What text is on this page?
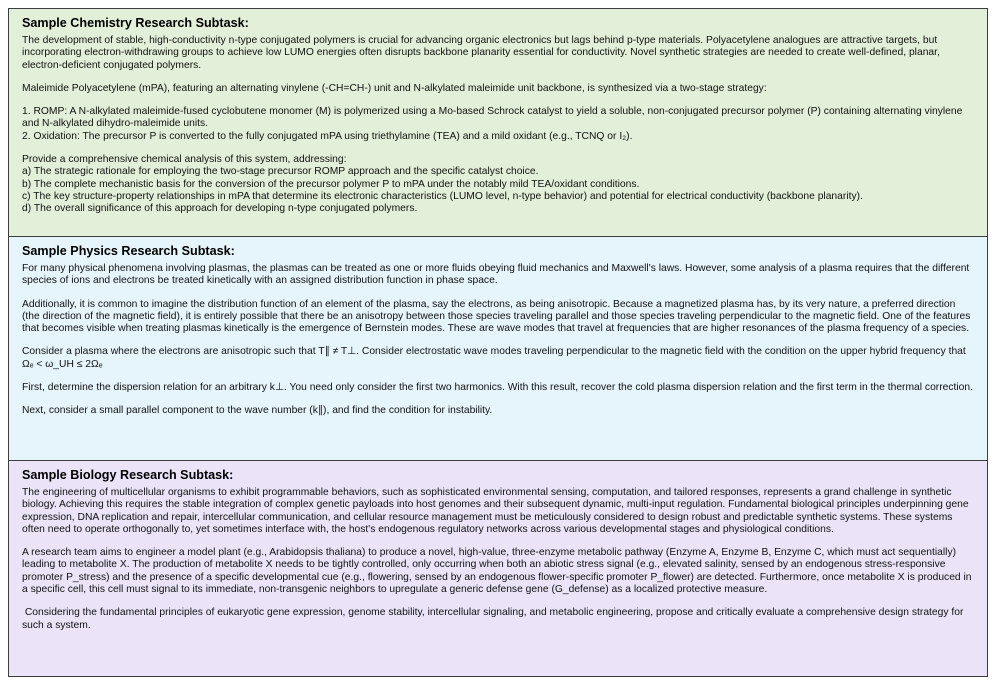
Sample Chemistry Research Subtask:

The development of stable, high-conductivity n-type conjugated polymers is crucial for advancing organic electronics but lags behind p-type materials. Polyacetylene analogues are attractive targets, but incorporating electron-withdrawing groups to achieve low LUMO energies often disrupts backbone planarity essential for conductivity. Novel synthetic strategies are needed to create well-defined, planar, electron-deficient conjugated polymers.

Maleimide Polyacetylene (mPA), featuring an alternating vinylene (-CH=CH-) unit and N-alkylated maleimide unit backbone, is synthesized via a two-stage strategy:

1. ROMP: A N-alkylated maleimide-fused cyclobutene monomer (M) is polymerized using a Mo-based Schrock catalyst to yield a soluble, non-conjugated precursor polymer (P) containing alternating vinylene and N-alkylated dihydro-maleimide units.

2. Oxidation: The precursor P is converted to the fully conjugated mPA using triethylamine (TEA) and a mild oxidant (e.g., TCNQ or I₂).

Provide a comprehensive chemical analysis of this system, addressing:

a) The strategic rationale for employing the two-stage precursor ROMP approach and the specific catalyst choice.

b) The complete mechanistic basis for the conversion of the precursor polymer P to mPA under the notably mild TEA/oxidant conditions.

c) The key structure-property relationships in mPA that determine its electronic characteristics (LUMO level, n-type behavior) and potential for electrical conductivity (backbone planarity).

d) The overall significance of this approach for developing n-type conjugated polymers.

Sample Physics Research Subtask:

For many physical phenomena involving plasmas, the plasmas can be treated as one or more fluids obeying fluid mechanics and Maxwell's laws. However, some analysis of a plasma requires that the different species of ions and electrons be treated kinetically with an assigned distribution function in phase space.

Additionally, it is common to imagine the distribution function of an element of the plasma, say the electrons, as being anisotropic. Because a magnetized plasma has, by its very nature, a preferred direction (the direction of the magnetic field), it is entirely possible that there be an anisotropy between those species traveling parallel and those species traveling perpendicular to the magnetic field. One of the features that becomes visible when treating plasmas kinetically is the emergence of Bernstein modes. These are wave modes that travel at frequencies that are higher resonances of the plasma frequency of a species.

Consider a plasma where the electrons are anisotropic such that T∥ ≠ T⊥. Consider electrostatic wave modes traveling perpendicular to the magnetic field with the condition on the upper hybrid frequency that Ωₑ < ω_UH ≤ 2Ωₑ

First, determine the dispersion relation for an arbitrary k⊥. You need only consider the first two harmonics. With this result, recover the cold plasma dispersion relation and the first term in the thermal correction.

Next, consider a small parallel component to the wave number (k∥), and find the condition for instability.

Sample Biology Research Subtask:

The engineering of multicellular organisms to exhibit programmable behaviors, such as sophisticated environmental sensing, computation, and tailored responses, represents a grand challenge in synthetic biology. Achieving this requires the stable integration of complex genetic payloads into host genomes and their subsequent dynamic, multi-input regulation. Fundamental biological principles underpinning gene expression, DNA replication and repair, intercellular communication, and cellular resource management must be meticulously considered to design robust and predictable synthetic systems. These systems often need to operate orthogonally to, yet sometimes interface with, the host's endogenous regulatory networks across various developmental stages and physiological conditions.

A research team aims to engineer a model plant (e.g., Arabidopsis thaliana) to produce a novel, high-value, three-enzyme metabolic pathway (Enzyme A, Enzyme B, Enzyme C, which must act sequentially) leading to metabolite X. The production of metabolite X needs to be tightly controlled, only occurring when both an abiotic stress signal (e.g., elevated salinity, sensed by an endogenous stress-responsive promoter P_stress) and the presence of a specific developmental cue (e.g., flowering, sensed by an endogenous flower-specific promoter P_flower) are detected. Furthermore, once metabolite X is produced in a specific cell, this cell must signal to its immediate, non-transgenic neighbors to upregulate a generic defense gene (G_defense) as a localized protective measure.

Considering the fundamental principles of eukaryotic gene expression, genome stability, intercellular signaling, and metabolic engineering, propose and critically evaluate a comprehensive design strategy for such a system.
